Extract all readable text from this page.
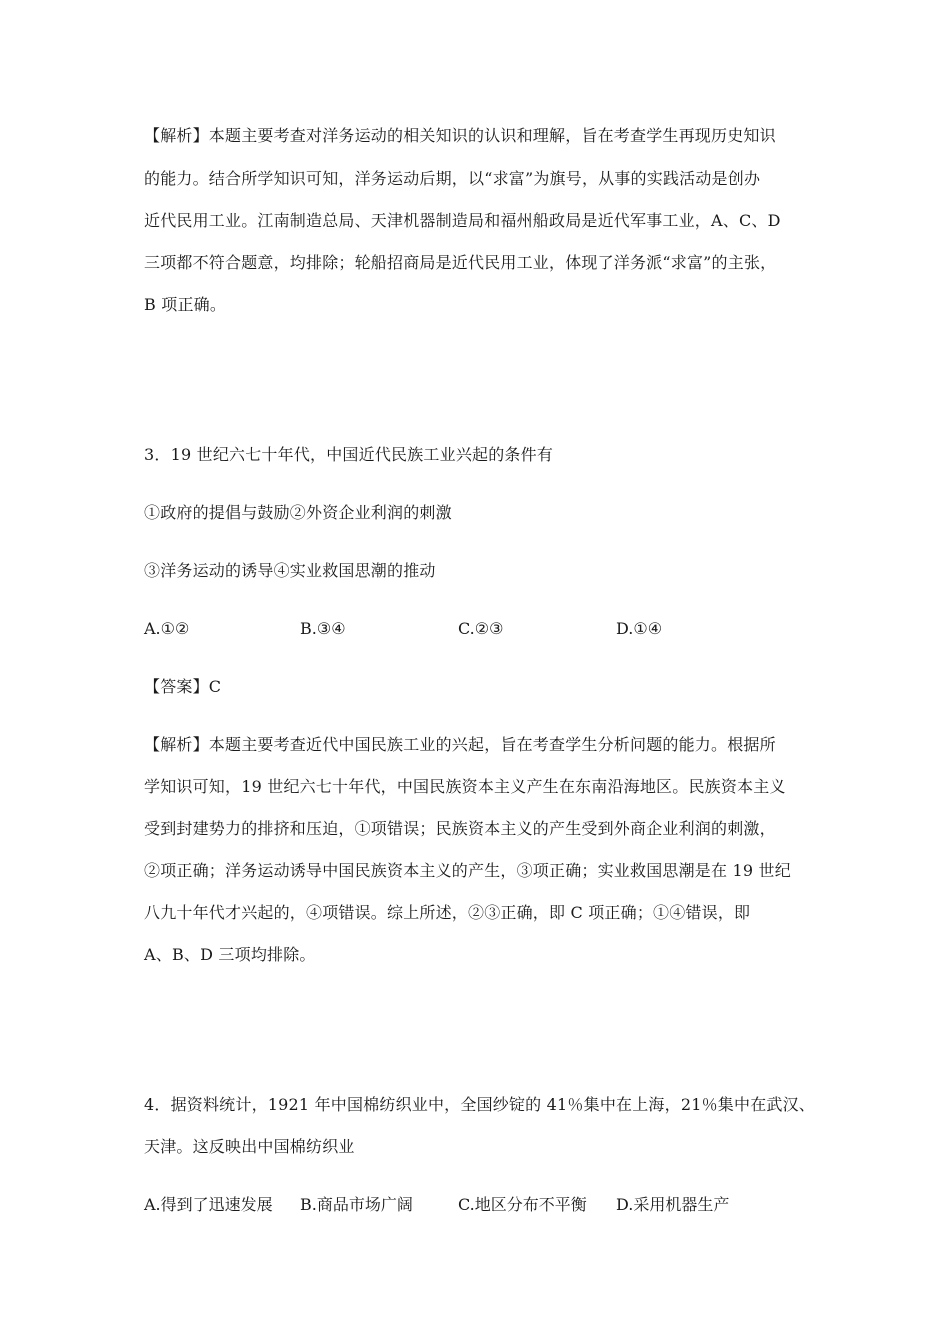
【解析】本题主要考查对洋务运动的相关知识的认识和理解，旨在考查学生再现历史知识
的能力。结合所学知识可知，洋务运动后期，以“求富”为旗号，从事的实践活动是创办
近代民用工业。江南制造总局、天津机器制造局和福州船政局是近代军事工业，A、C、D
三项都不符合题意，均排除；轮船招商局是近代民用工业，体现了洋务派“求富”的主张，
B 项正确。
3．19 世纪六七十年代，中国近代民族工业兴起的条件有
①政府的提倡与鼓励②外资企业利润的刺激
③洋务运动的诱导④实业救国思潮的推动
A.①②	B.③④	C.②③	D.①④
【答案】C
【解析】本题主要考查近代中国民族工业的兴起，旨在考查学生分析问题的能力。根据所
学知识可知，19 世纪六七十年代，中国民族资本主义产生在东南沿海地区。民族资本主义
受到封建势力的排挤和压迫，①项错误；民族资本主义的产生受到外商企业利润的刺激，
②项正确；洋务运动诱导中国民族资本主义的产生，③项正确；实业救国思潮是在 19 世纪
八九十年代才兴起的，④项错误。综上所述，②③正确，即 C 项正确；①④错误，即
A、B、D 三项均排除。
4．据资料统计，1921 年中国棉纺织业中，全国纱锭的 41％集中在上海，21％集中在武汉、
天津。这反映出中国棉纺织业
A.得到了迅速发展 B.商品市场广阔	C.地区分布不平衡 D.采用机器生产
